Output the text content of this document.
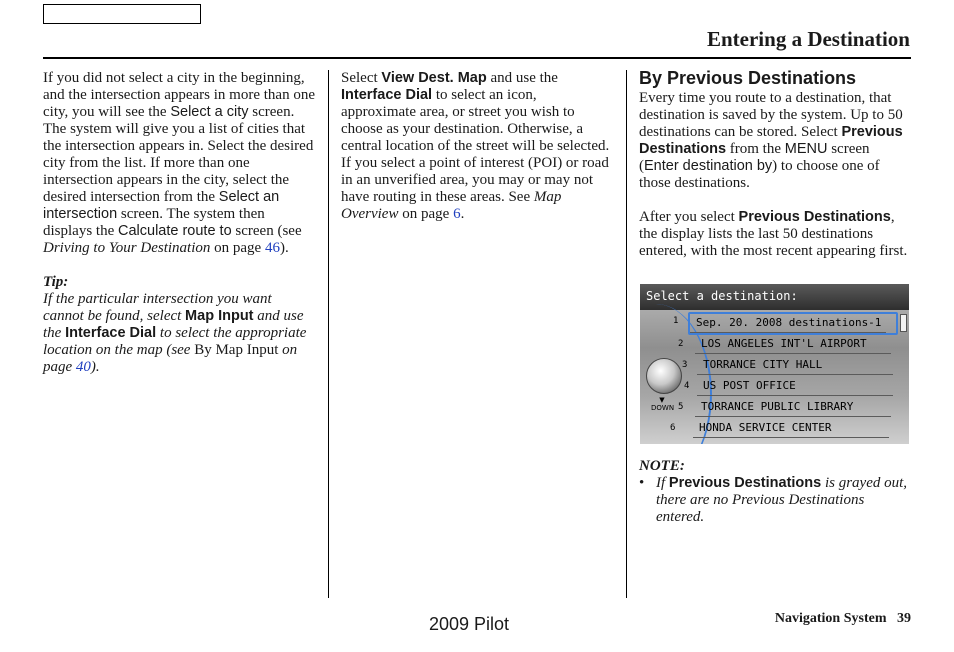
Entering a Destination

If you did not select a city in the beginning, and the intersection appears in more than one city, you will see the Select a city screen. The system will give you a list of cities that the intersection appears in. Select the desired city from the list. If more than one intersection appears in the city, select the desired intersection from the Select an intersection screen. The system then displays the Calculate route to screen (see Driving to Your Destination on page 46).

Tip:

If the particular intersection you want cannot be found, select Map Input and use the Interface Dial to select the appropriate location on the map (see By Map Input on page 40).

Select View Dest. Map and use the Interface Dial to select an icon, approximate area, or street you wish to choose as your destination. Otherwise, a central location of the street will be selected. If you select a point of interest (POI) or road in an unverified area, you may or may not have routing in these areas. See Map Overview on page 6.

By Previous Destinations

Every time you route to a destination, that destination is saved by the system. Up to 50 destinations can be stored. Select Previous Destinations from the MENU screen (Enter destination by) to choose one of those destinations.

After you select Previous Destinations, the display lists the last 50 destinations entered, with the most recent appearing first.

Select a destination:
Sep. 20. 2008 destinations-1
1
LOS ANGELES INT'L AIRPORT
2
TORRANCE CITY HALL
3
US POST OFFICE
4
TORRANCE PUBLIC LIBRARY
5
HONDA SERVICE CENTER
6
▼
DOWN

NOTE:

• If Previous Destinations is grayed out, there are no Previous Destinations entered.

2009 Pilot	Navigation System 39
